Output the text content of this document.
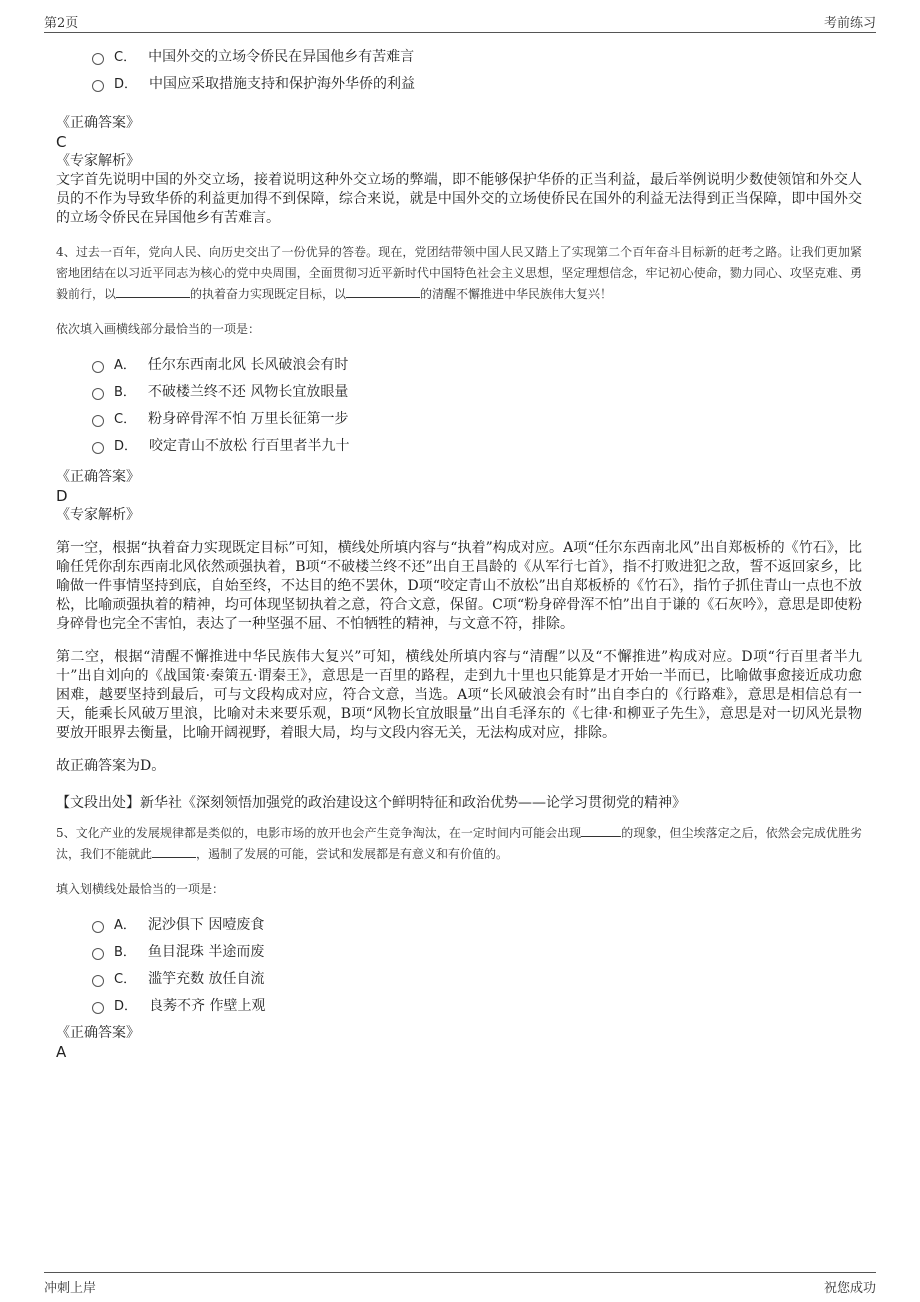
第2页	考前练习
C． 中国外交的立场令侨民在异国他乡有苦难言
D． 中国应采取措施支持和保护海外华侨的利益
《正确答案》
C
《专家解析》

文字首先说明中国的外交立场，接着说明这种外交立场的弊端，即不能够保护华侨的正当利益，最后举例说明少数使领馆和外交人员的不作为导致华侨的利益更加得不到保障，综合来说，就是中国外交的立场使侨民在国外的利益无法得到正当保障，即中国外交的立场令侨民在异国他乡有苦难言。

4、过去一百年，党向人民、向历史交出了一份优异的答卷。现在，党团结带领中国人民又踏上了实现第二个百年奋斗目标新的赶考之路。让我们更加紧密地团结在以习近平同志为核心的党中央周围，全面贯彻习近平新时代中国特色社会主义思想，坚定理想信念，牢记初心使命，勠力同心、攻坚克难、勇毅前行，以	的执着奋力实现既定目标，以	的清醒不懈推进中华民族伟大复兴！

依次填入画横线部分最恰当的一项是：

A． 任尔东西南北风 长风破浪会有时
B． 不破楼兰终不还 风物长宜放眼量
C． 粉身碎骨浑不怕 万里长征第一步
D． 咬定青山不放松 行百里者半九十
《正确答案》
D
《专家解析》

第一空，根据“执着奋力实现既定目标”可知，横线处所填内容与“执着”构成对应。A项“任尔东西南北风”出自郑板桥的《竹石》，比喻任凭你刮东西南北风依然顽强执着，B项“不破楼兰终不还”出自王昌龄的《从军行七首》，指不打败进犯之敌，誓不返回家乡，比喻做一件事情坚持到底，自始至终，不达目的绝不罢休，D项“咬定青山不放松”出自郑板桥的《竹石》，指竹子抓住青山一点也不放松，比喻顽强执着的精神，均可体现坚韧执着之意，符合文意，保留。C项“粉身碎骨浑不怕”出自于谦的《石灰吟》，意思是即使粉身碎骨也完全不害怕，表达了一种坚强不屈、不怕牺牲的精神，与文意不符，排除。

第二空，根据“清醒不懈推进中华民族伟大复兴”可知，横线处所填内容与“清醒”以及“不懈推进”构成对应。D项“行百里者半九十”出自刘向的《战国策·秦策五·谓秦王》，意思是一百里的路程，走到九十里也只能算是才开始一半而已，比喻做事愈接近成功愈困难，越要坚持到最后，可与文段构成对应，符合文意，当选。A项“长风破浪会有时”出自李白的《行路难》，意思是相信总有一天，能乘长风破万里浪，比喻对未来要乐观，B项“风物长宜放眼量”出自毛泽东的《七律·和柳亚子先生》，意思是对一切风光景物要放开眼界去衡量，比喻开阔视野，着眼大局，均与文段内容无关，无法构成对应，排除。

故正确答案为D。

【文段出处】新华社《深刻领悟加强党的政治建设这个鲜明特征和政治优势——论学习贯彻党的精神》

5、文化产业的发展规律都是类似的，电影市场的放开也会产生竞争淘汰，在一定时间内可能会出现	的现象，但尘埃落定之后，依然会完成优胜劣汰，我们不能就此	，遏制了发展的可能，尝试和发展都是有意义和有价值的。

填入划横线处最恰当的一项是：

A． 泥沙俱下 因噎废食
B． 鱼目混珠 半途而废
C． 滥竽充数 放任自流
D． 良莠不齐 作壁上观
《正确答案》
A
冲刺上岸	祝您成功
